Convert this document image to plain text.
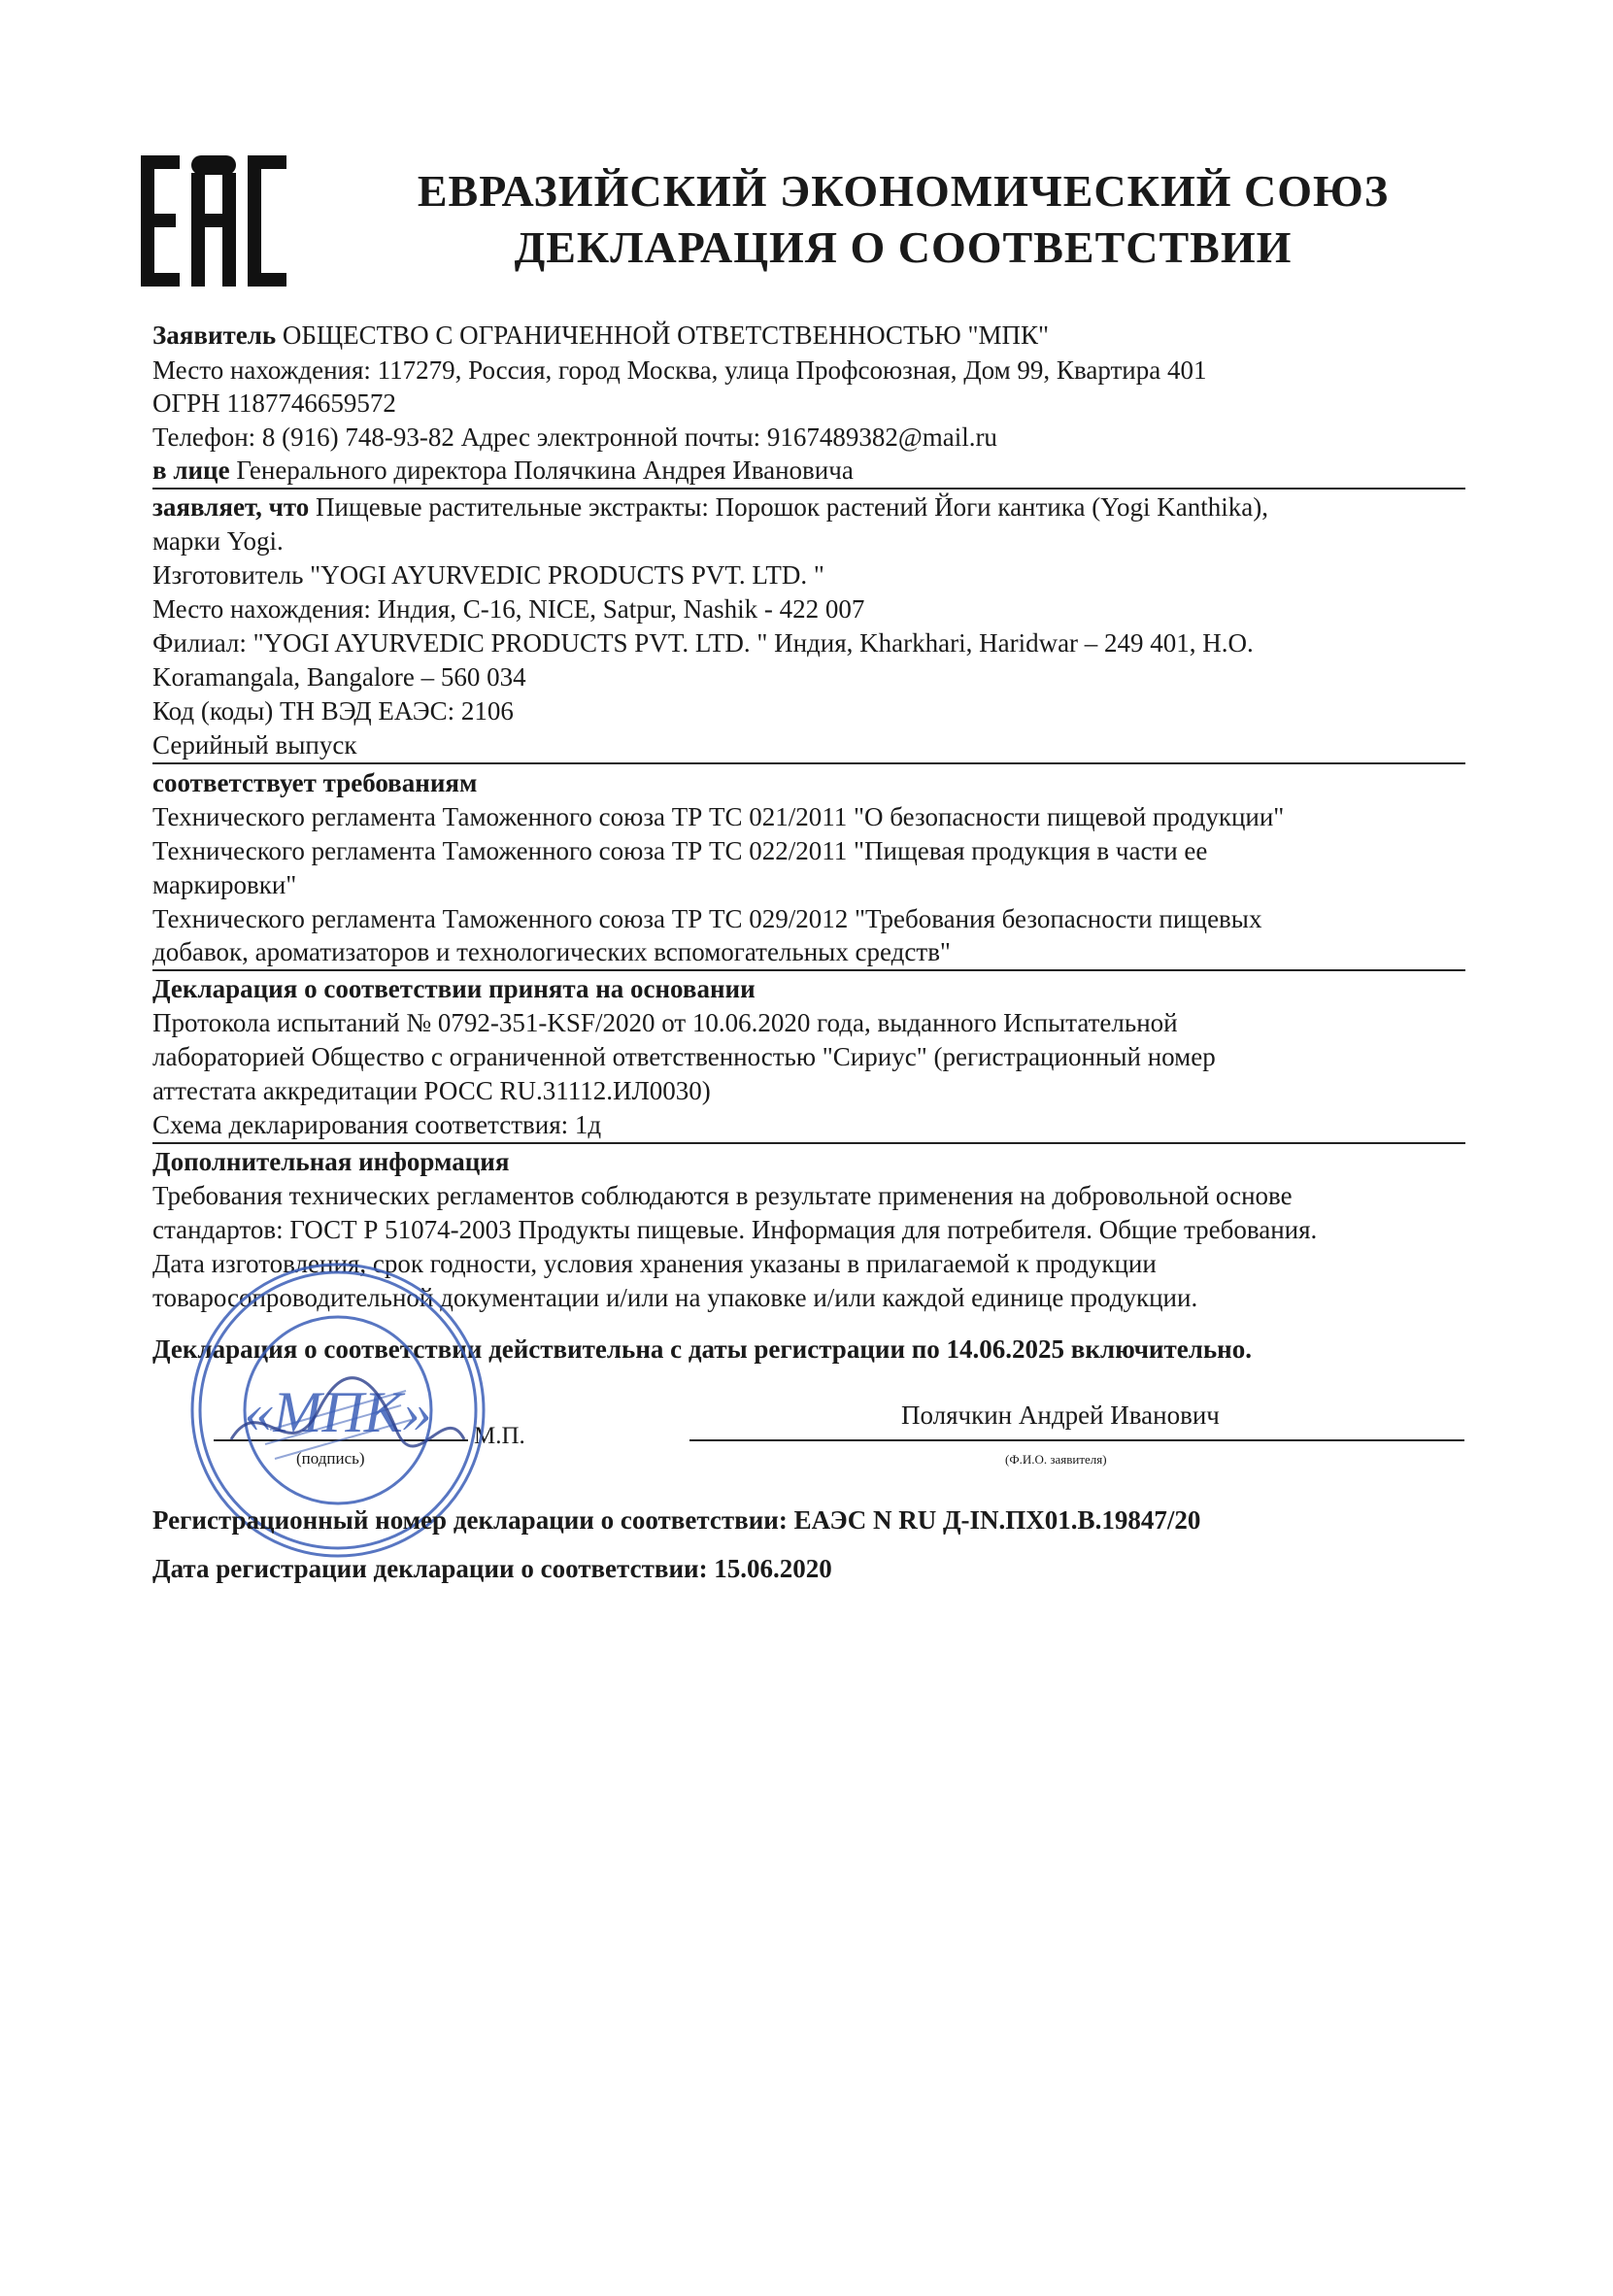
ЕВРАЗИЙСКИЙ ЭКОНОМИЧЕСКИЙ СОЮЗ
ДЕКЛАРАЦИЯ О СООТВЕТСТВИИ
Заявитель ОБЩЕСТВО С ОГРАНИЧЕННОЙ ОТВЕТСТВЕННОСТЬЮ "МПК"
Место нахождения: 117279, Россия, город Москва, улица Профсоюзная, Дом 99, Квартира 401
ОГРН 1187746659572
Телефон: 8 (916) 748-93-82 Адрес электронной почты: 9167489382@mail.ru
в лице Генерального директора Полячкина Андрея Ивановича
заявляет, что Пищевые растительные экстракты: Порошок растений Йоги кантика (Yogi Kanthika),
марки Yogi.
Изготовитель "YOGI AYURVEDIC PRODUCTS PVT. LTD. "
Место нахождения: Индия, C-16, NICE, Satpur, Nashik - 422 007
Филиал: "YOGI AYURVEDIC PRODUCTS PVT. LTD. " Индия, Kharkhari, Haridwar – 249 401, H.O.
Koramangala, Bangalore – 560 034
Код (коды) ТН ВЭД ЕАЭС: 2106
Серийный выпуск
соответствует требованиям
Технического регламента Таможенного союза ТР ТС 021/2011 "О безопасности пищевой продукции"
Технического регламента Таможенного союза ТР ТС 022/2011 "Пищевая продукция в части ее
маркировки"
Технического регламента Таможенного союза ТР ТС 029/2012 "Требования безопасности пищевых
добавок, ароматизаторов и технологических вспомогательных средств"
Декларация о соответствии принята на основании
Протокола испытаний № 0792-351-KSF/2020 от 10.06.2020 года, выданного Испытательной
лабораторией Общество с ограниченной ответственностью "Сириус" (регистрационный номер
аттестата аккредитации РОСС RU.31112.ИЛ0030)
Схема декларирования соответствия: 1д
Дополнительная информация
Требования технических регламентов соблюдаются в результате применения на добровольной основе
стандартов: ГОСТ Р 51074-2003 Продукты пищевые. Информация для потребителя. Общие требования.
Дата изготовления, срок годности, условия хранения указаны в прилагаемой к продукции
товаросопроводительной документации и/или на упаковке и/или каждой единице продукции.
Декларация о соответствии действительна с даты регистрации по 14.06.2025 включительно.
(подпись)
М.П.
Полячкин Андрей Иванович
(Ф.И.О. заявителя)
«МПК»
Регистрационный номер декларации о соответствии: ЕАЭС N RU Д-IN.ПХ01.В.19847/20
Дата регистрации декларации о соответствии: 15.06.2020
